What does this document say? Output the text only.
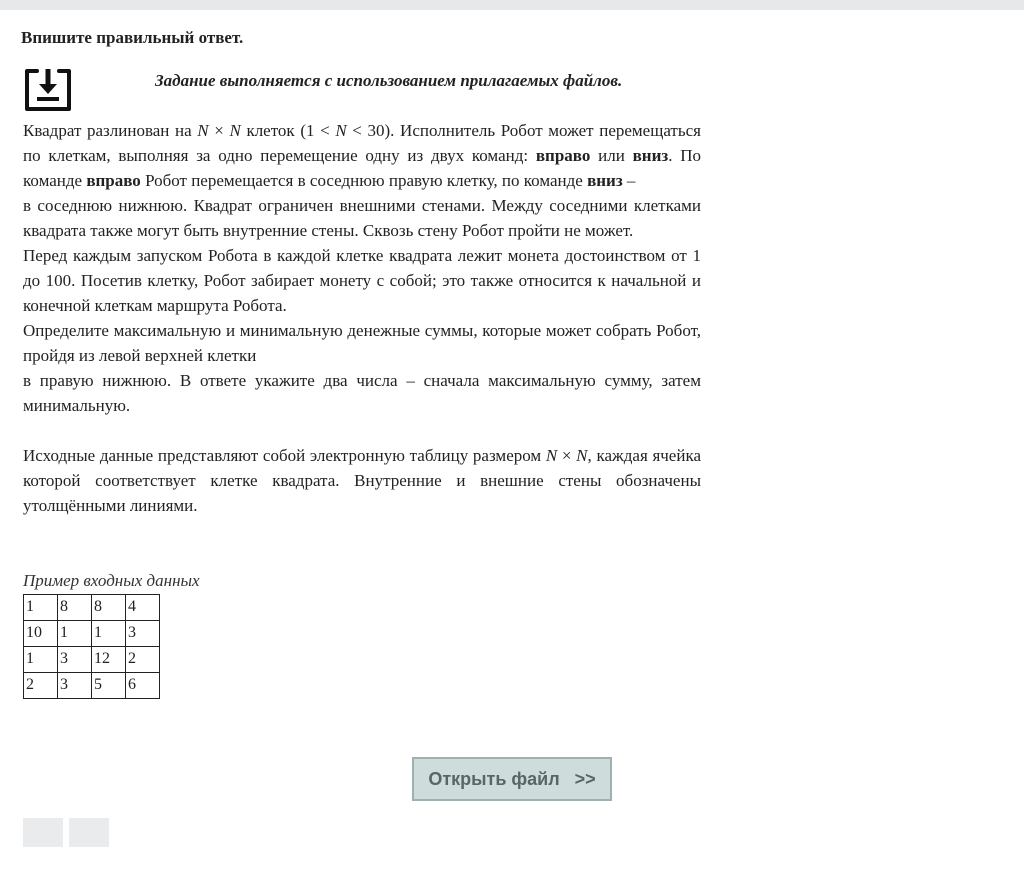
Впишите правильный ответ.
Задание выполняется с использованием прилагаемых файлов.

Квадрат разлинован на N × N клеток (1 < N < 30). Исполнитель Робот может перемещаться по клеткам, выполняя за одно перемещение одну из двух команд: вправо или вниз. По команде вправо Робот перемещается в соседнюю правую клетку, по команде вниз –

в соседнюю нижнюю. Квадрат ограничен внешними стенами. Между соседними клетками квадрата также могут быть внутренние стены. Сквозь стену Робот пройти не может.

Перед каждым запуском Робота в каждой клетке квадрата лежит монета достоинством от 1 до 100. Посетив клетку, Робот забирает монету с собой; это также относится к начальной и конечной клеткам маршрута Робота.

Определите максимальную и минимальную денежные суммы, которые может собрать Робот, пройдя из левой верхней клетки

в правую нижнюю. В ответе укажите два числа – сначала максимальную сумму, затем минимальную.

Исходные данные представляют собой электронную таблицу размером N × N, каждая ячейка которой соответствует клетке квадрата. Внутренние и внешние стены обозначены утолщёнными линиями.

Пример входных данных
1	8	8	4
10	1	1	3
1	3	12	2
2	3	5	6
Открыть файл   >>
